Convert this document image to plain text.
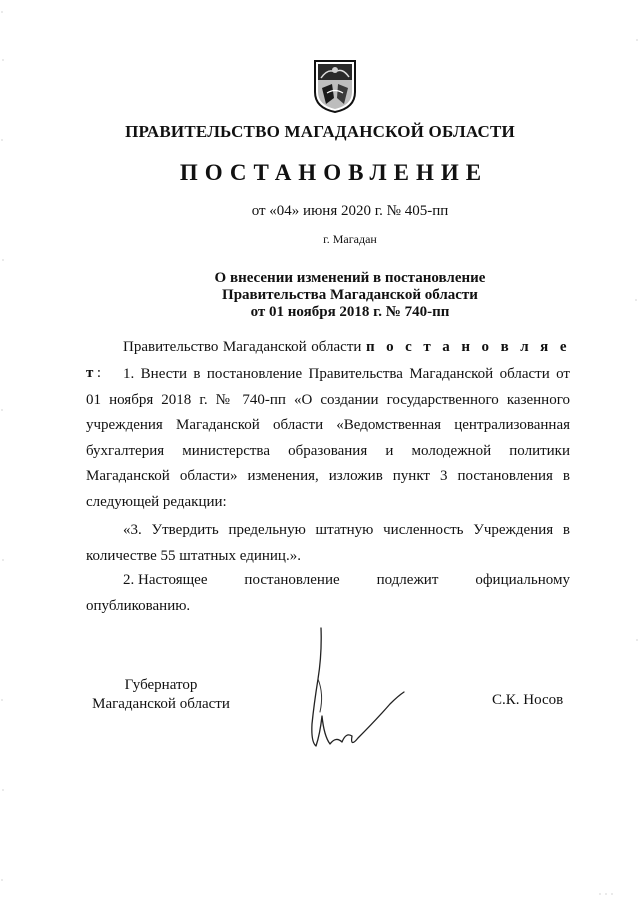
ПРАВИТЕЛЬСТВО МАГАДАНСКОЙ ОБЛАСТИ
ПОСТАНОВЛЕНИЕ
от «04» июня 2020 г. № 405-пп
г. Магадан
О внесении изменений в постановление
Правительства Магаданской области
от 01 ноября 2018 г. № 740-пп

Правительство Магаданской области п о с т а н о в л я е т:	1. Внести в постановление Правительства Магаданской области от 01 ноября 2018 г. № 740-пп «О создании государственного казенного учреждения Магаданской области «Ведомственная централизованная бухгалтерия министерства образования и молодежной политики Магаданской области» изменения, изложив пункт 3 постановления в следующей редакции:

«3. Утвердить предельную штатную численность Учреждения в количестве 55 штатных единиц.».

2. Настоящее постановление подлежит официальному
опубликованию.
Губернатор
Магаданской области	С.К. Носов
